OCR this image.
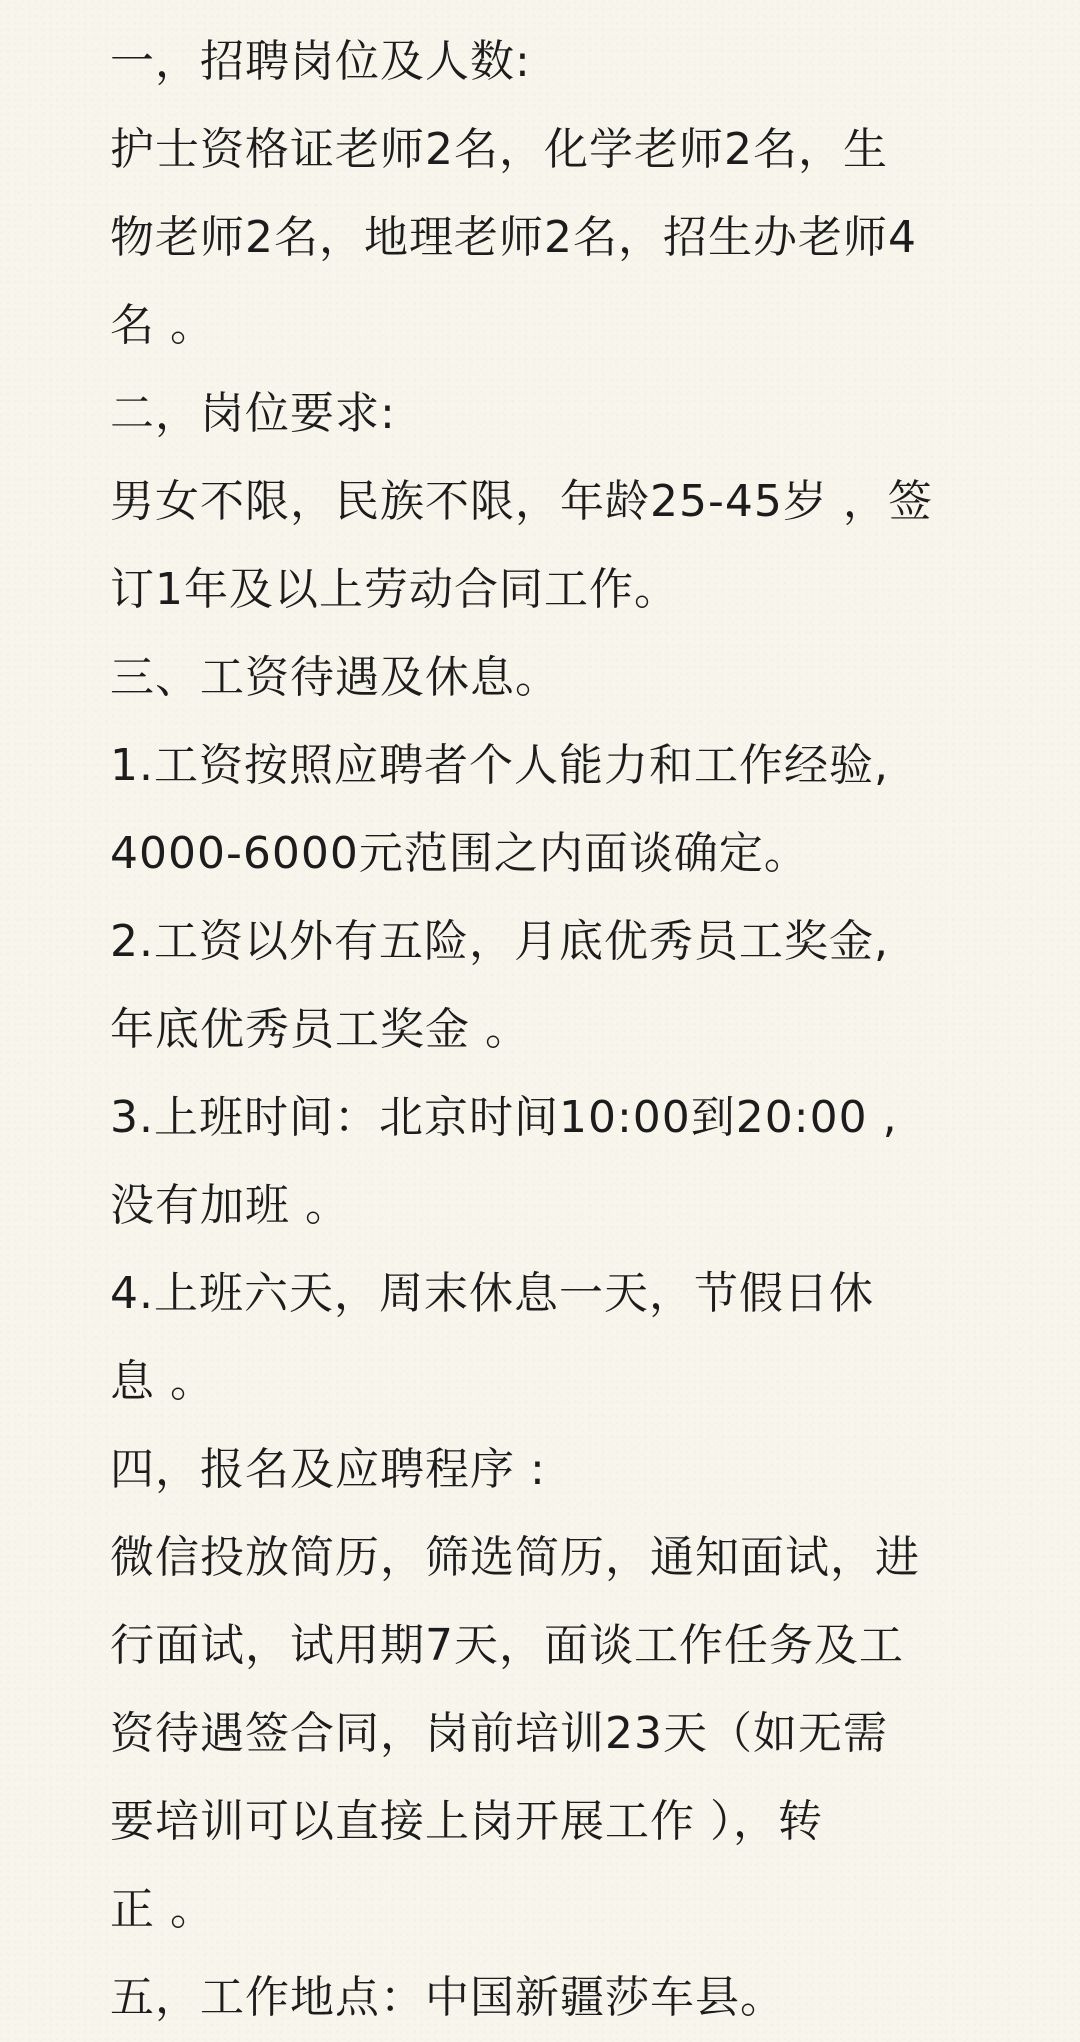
一，招聘岗位及人数:
护士资格证老师2名，化学老师2名，生
物老师2名，地理老师2名，招生办老师4
名 。
二，岗位要求:
男女不限，民族不限，年龄25-45岁 ，签
订1年及以上劳动合同工作。
三、工资待遇及休息。
1.工资按照应聘者个人能力和工作经验,
4000-6000元范围之内面谈确定。
2.工资以外有五险，月底优秀员工奖金,
年底优秀员工奖金 。
3.上班时间：北京时间10:00到20:00 ,
没有加班 。
4.上班六天，周末休息一天，节假日休
息 。
四，报名及应聘程序 :
微信投放简历，筛选简历，通知面试，进
行面试，试用期7天，面谈工作任务及工
资待遇签合同，岗前培训23天（如无需
要培训可以直接上岗开展工作 ），转
正 。
五，工作地点：中国新疆莎车县。
